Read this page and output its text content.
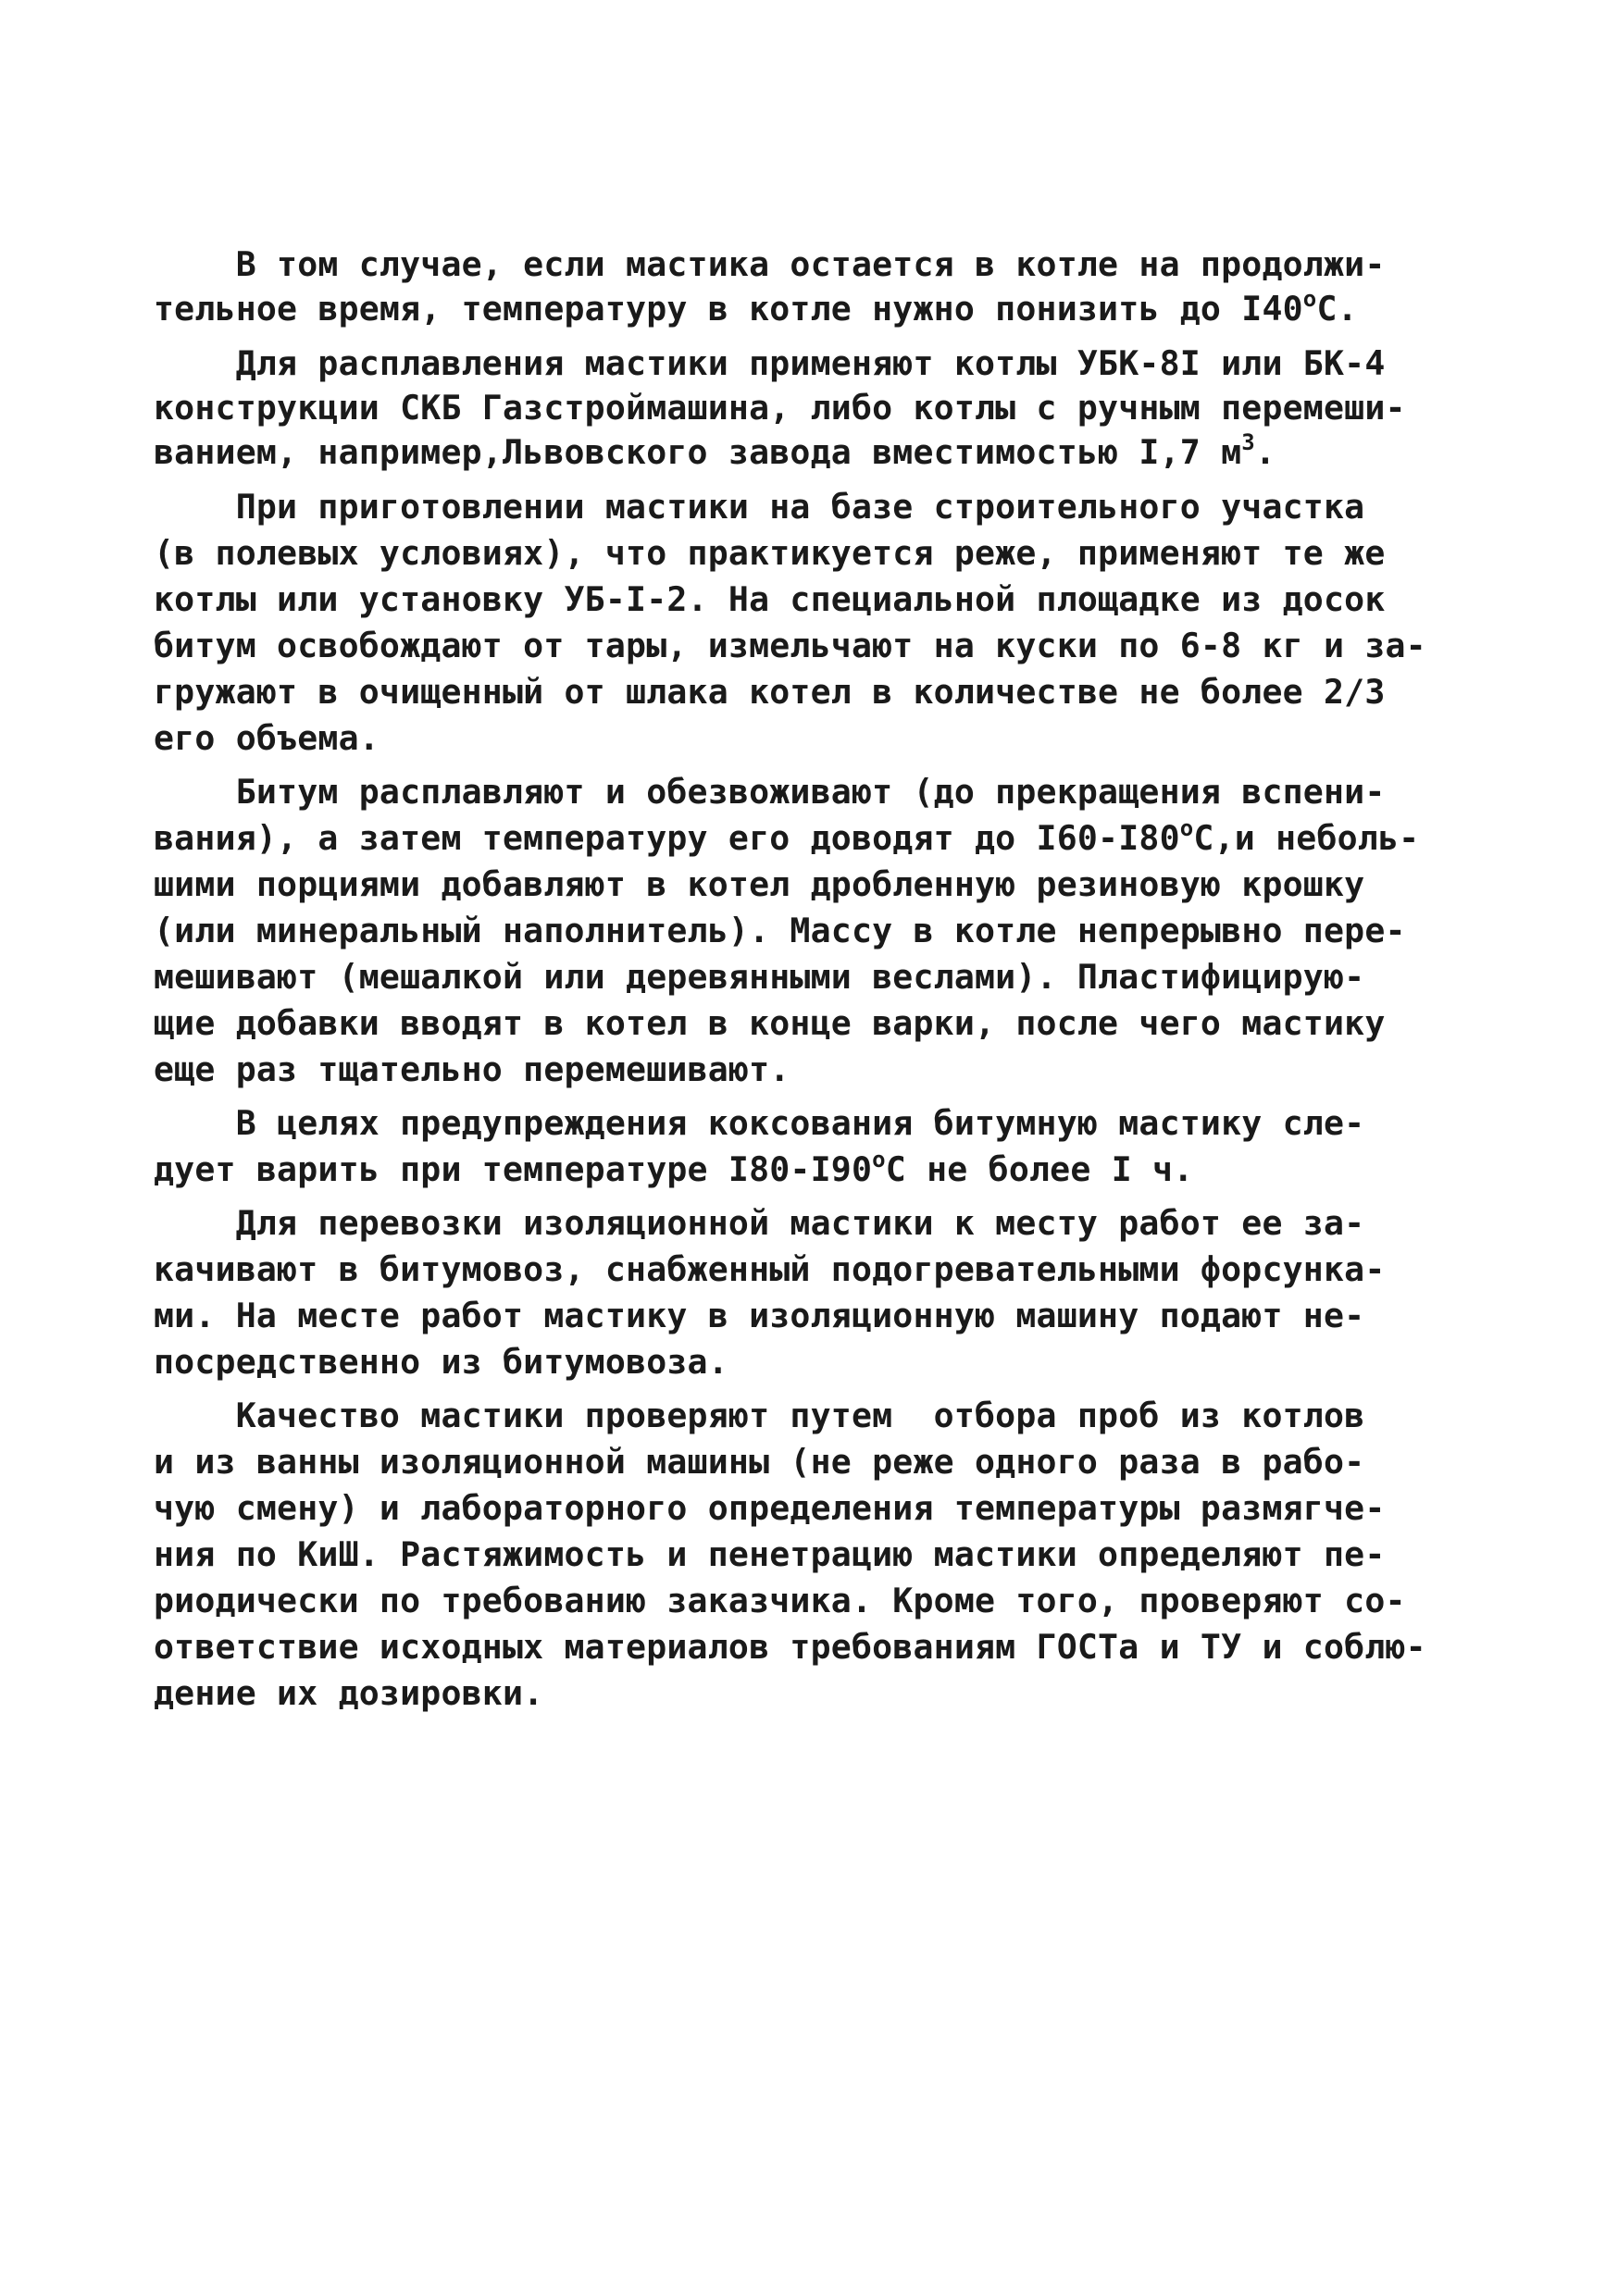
В том случае, если мастика остается в котле на продолжи-
тельное время, температуру в котле нужно понизить до $I40^оС$.
Для расплавления мастики применяют котлы УБК-8I или БК-4
конструкции СКБ Газстроймашина, либо котлы с ручным перемеши-
ванием, например,Львовского завода вместимостью I,7 $м^3$.
При приготовлении мастики на базе строительного участка
(в полевых условиях), что практикуется реже, применяют те же
котлы или установку УБ-I-2. На специальной площадке из досок
битум освобождают от тары, измельчают на куски по 6-8 кг и за-
гружают в очищенный от шлака котел в количестве не более 2/3
его объема.
Битум расплавляют и обезвоживают (до прекращения вспени-
вания), а затем температуру его доводят до $I60-I80^оС,и$ неболь-
шими порциями добавляют в котел дробленную резиновую крошку
(или минеральный наполнитель). Массу в котле непрерывно пере-
мешивают (мешалкой или деревянными веслами). Пластифицирую-
щие добавки вводят в котел в конце варки, после чего мастику
еще раз тщательно перемешивают.
В целях предупреждения коксования битумную мастику сле-
дует варить при температуре $I80-I90^оС$ не более I ч.
Для перевозки изоляционной мастики к месту работ ее за-
качивают в битумовоз, снабженный подогревательными форсунка-
ми. На месте работ мастику в изоляционную машину подают не-
посредственно из битумовоза.
Качество мастики проверяют путем  отбора проб из котлов
и из ванны изоляционной машины (не реже одного раза в рабо-
чую смену) и лабораторного определения температуры размягче-
ния по КиШ. Растяжимость и пенетрацию мастики определяют пе-
риодически по требованию заказчика. Кроме того, проверяют со-
ответствие исходных материалов требованиям ГОСТа и ТУ и соблю-
дение их дозировки.
